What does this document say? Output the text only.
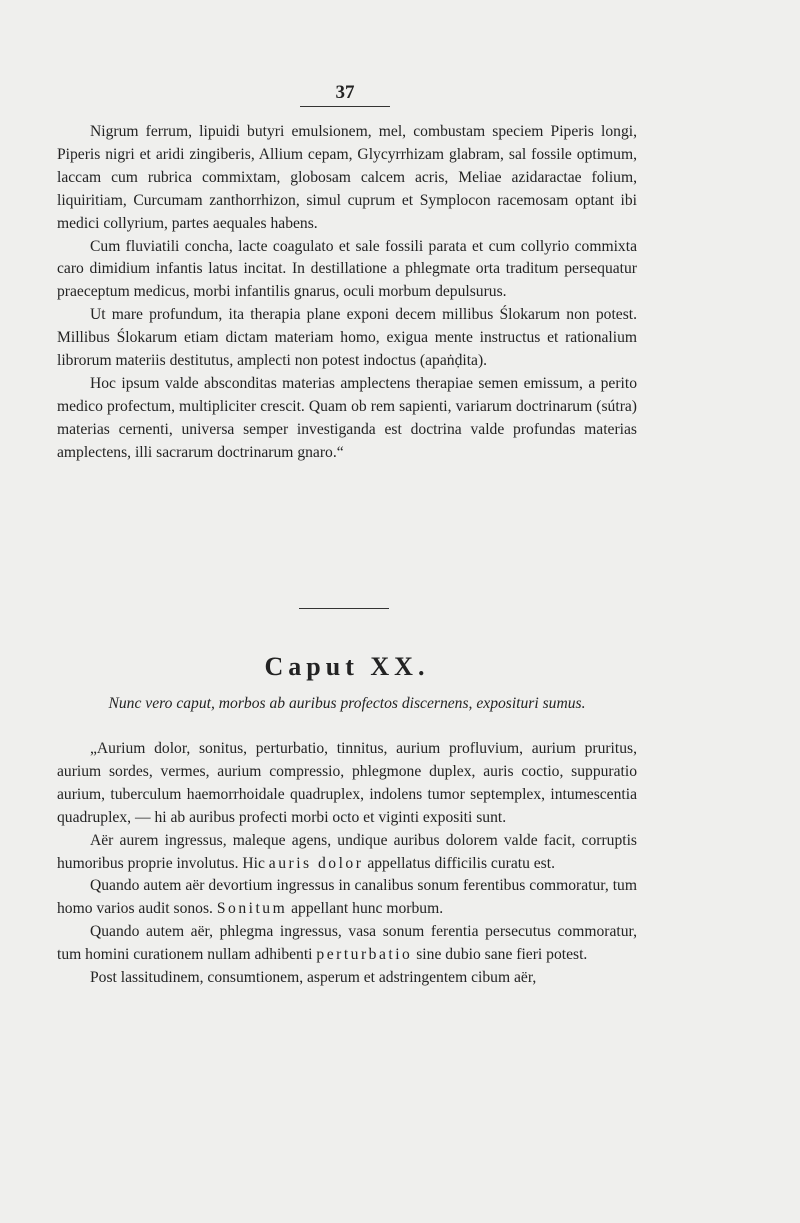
37

Nigrum ferrum, lipuidi butyri emulsionem, mel, combustam speciem Piperis longi, Piperis nigri et aridi zingiberis, Allium cepam, Glycyrrhizam glabram, sal fossile optimum, laccam cum rubrica commixtam, globosam calcem acris, Meliae azidaractae folium, liquiritiam, Curcumam zanthorrhizon, simul cuprum et Symplocon racemosam optant ibi medici collyrium, partes aequales habens.

Cum fluviatili concha, lacte coagulato et sale fossili parata et cum collyrio commixta caro dimidium infantis latus incitat. In destillatione a phlegmate orta traditum persequatur praeceptum medicus, morbi infantilis gnarus, oculi morbum depulsurus.

Ut mare profundum, ita therapia plane exponi decem millibus Ślokarum non potest. Millibus Ślokarum etiam dictam materiam homo, exigua mente instructus et rationalium librorum materiis destitutus, amplecti non potest indoctus (apaṅḍita).

Hoc ipsum valde absconditas materias amplectens therapiae semen emissum, a perito medico profectum, multipliciter crescit. Quam ob rem sapienti, variarum doctrinarum (sútra) materias cernenti, universa semper investiganda est doctrina valde profundas materias amplectens, illi sacrarum doctrinarum gnaro.“

Caput XX.
Nunc vero caput, morbos ab auribus profectos discernens, exposituri sumus.

„Aurium dolor, sonitus, perturbatio, tinnitus, aurium profluvium, aurium pruritus, aurium sordes, vermes, aurium compressio, phlegmone duplex, auris coctio, suppuratio aurium, tuberculum haemorrhoidale quadruplex, indolens tumor septemplex, intumescentia quadruplex, — hi ab auribus profecti morbi octo et viginti expositi sunt.

Aër aurem ingressus, maleque agens, undique auribus dolorem valde facit, corruptis humoribus proprie involutus. Hic auris dolor appellatus difficilis curatu est.

Quando autem aër devortium ingressus in canalibus sonum ferentibus commoratur, tum homo varios audit sonos. Sonitum appellant hunc morbum.

Quando autem aër, phlegma ingressus, vasa sonum ferentia persecutus commoratur, tum homini curationem nullam adhibenti perturbatio sine dubio sane fieri potest.

Post lassitudinem, consumtionem, asperum et adstringentem cibum aër,
